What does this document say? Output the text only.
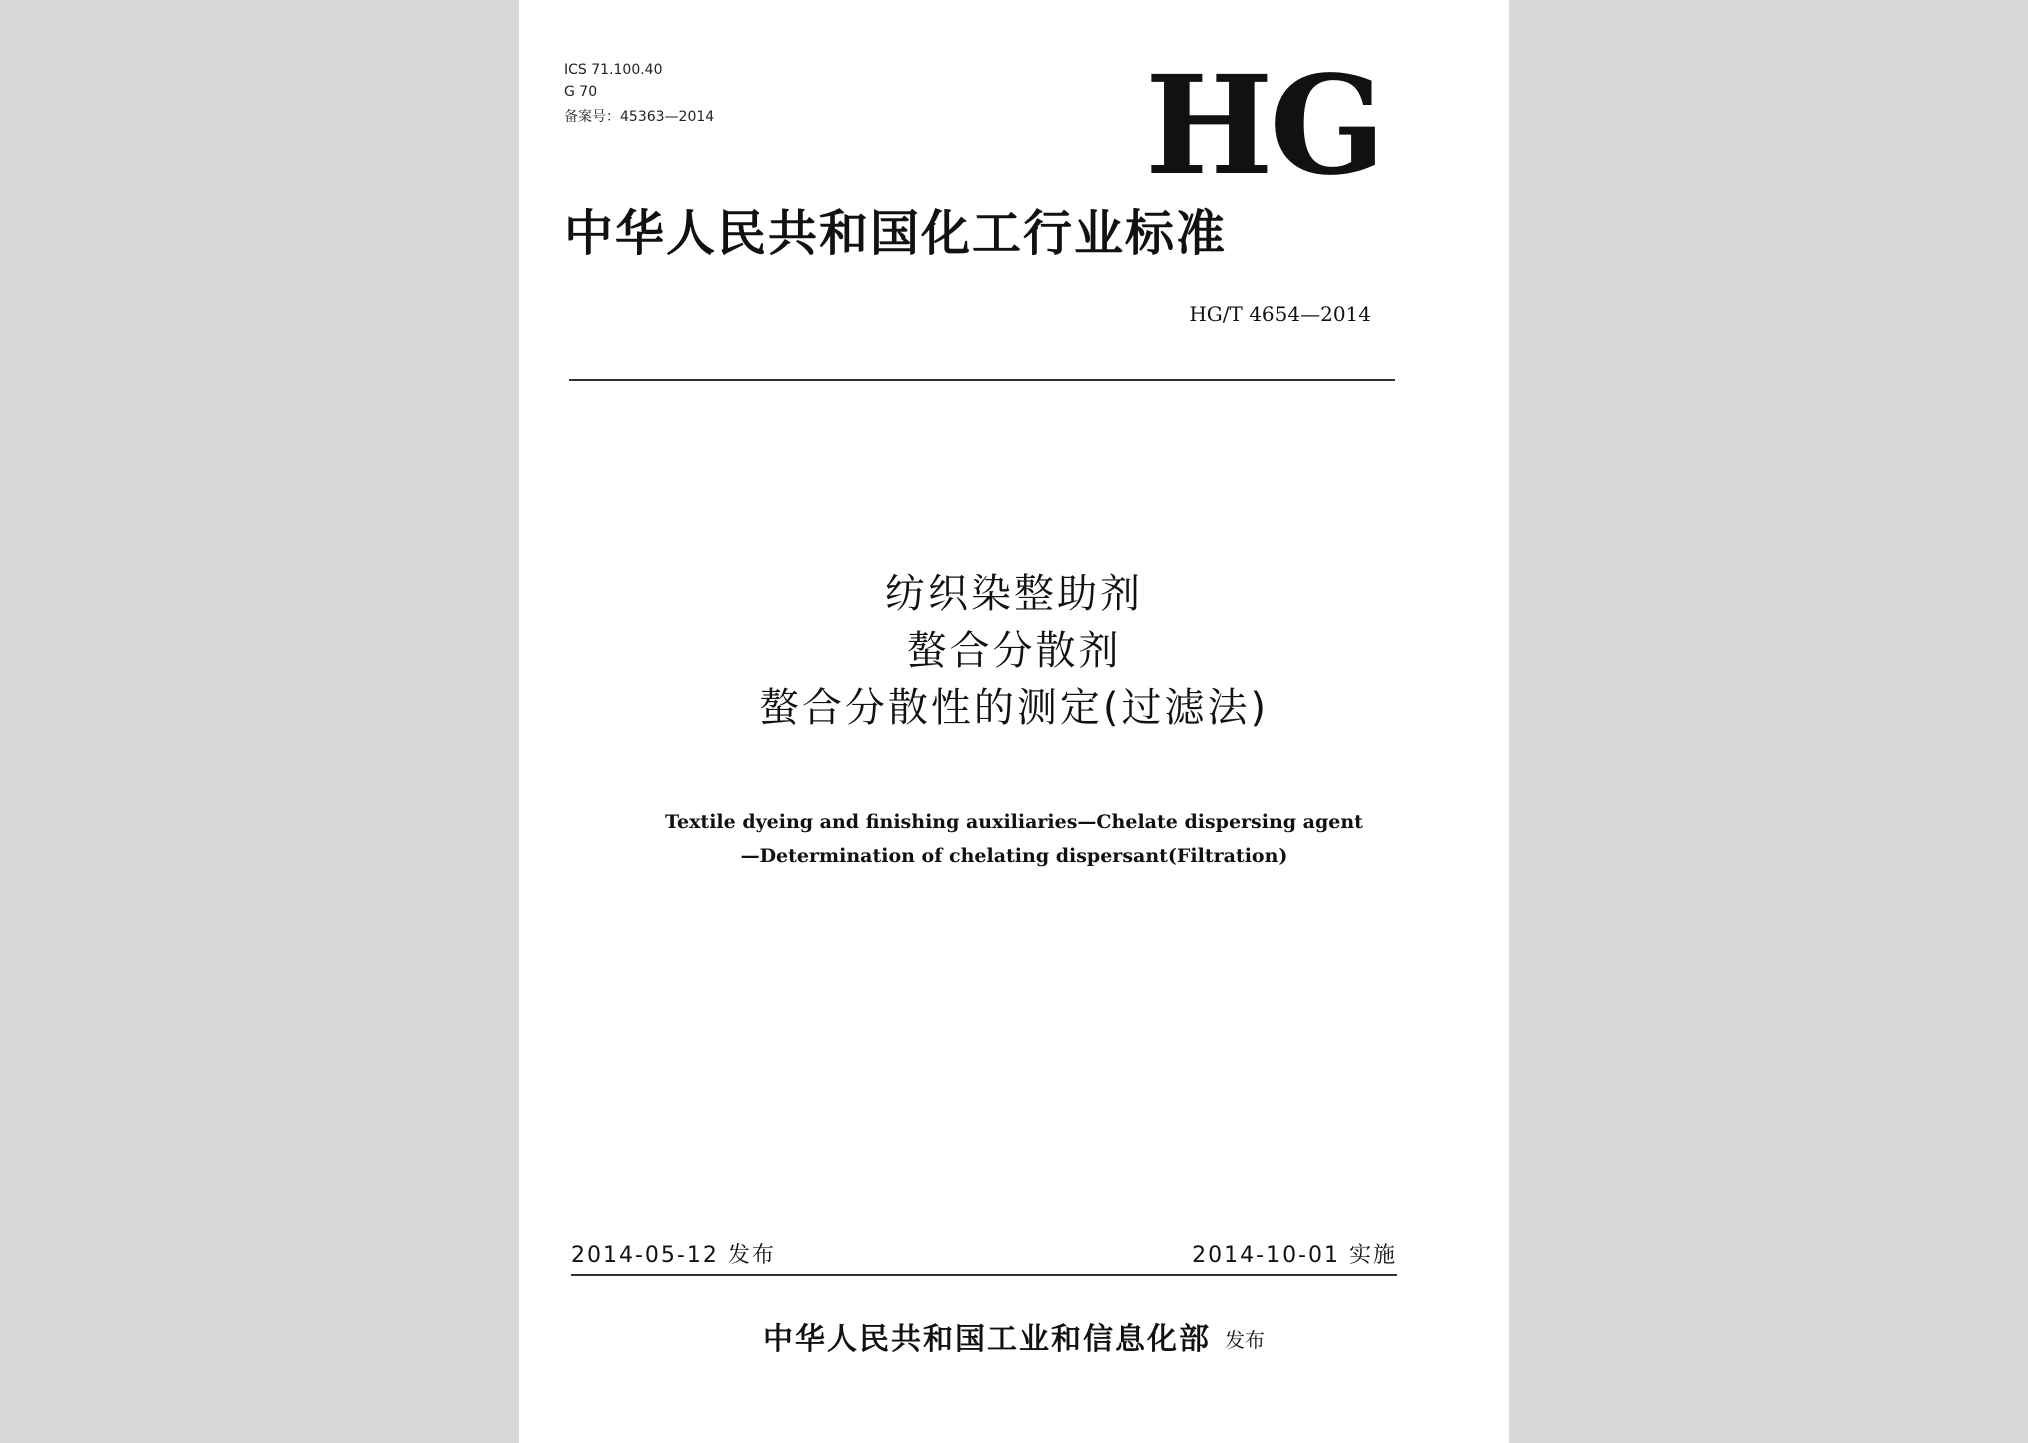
ICS 71.100.40
G 70
备案号：45363—2014	HG
中华人民共和国化工行业标准
HG/T 4654—2014
纺织染整助剂
螯合分散剂
螯合分散性的测定(过滤法)
Textile dyeing and finishing auxiliaries—Chelate dispersing agent
—Determination of chelating dispersant(Filtration)
2014-05-12 发布	2014-10-01 实施
中华人民共和国工业和信息化部 发布
